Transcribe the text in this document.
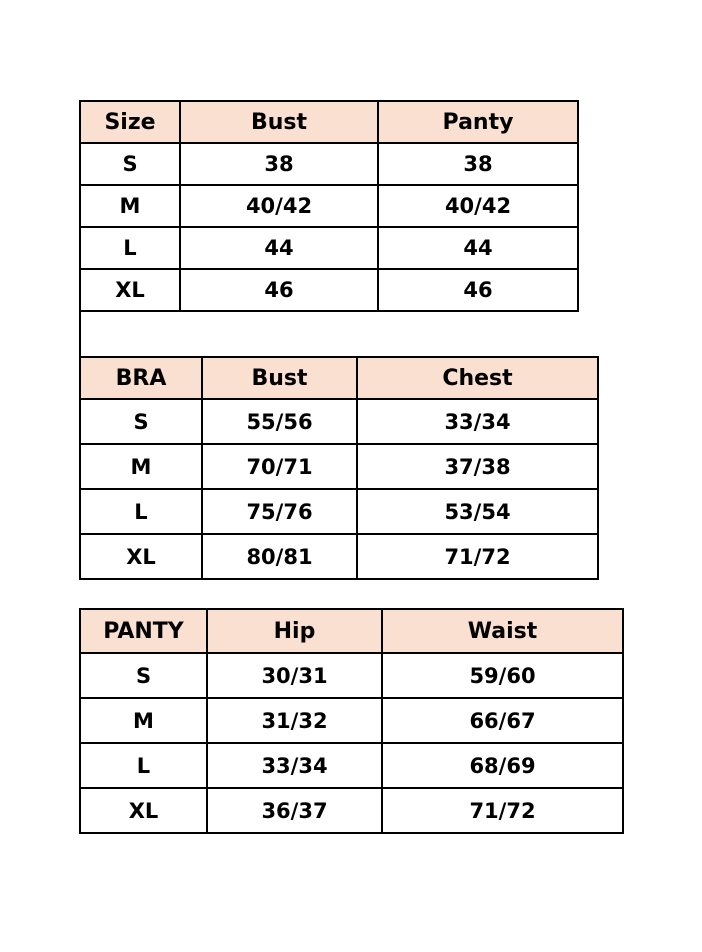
Size	Bust	Panty
S	38	38
M	40/42	40/42
L	44	44
XL	46	46
BRA	Bust	Chest
S	55/56	33/34
M	70/71	37/38
L	75/76	53/54
XL	80/81	71/72
PANTY	Hip	Waist
S	30/31	59/60
M	31/32	66/67
L	33/34	68/69
XL	36/37	71/72
